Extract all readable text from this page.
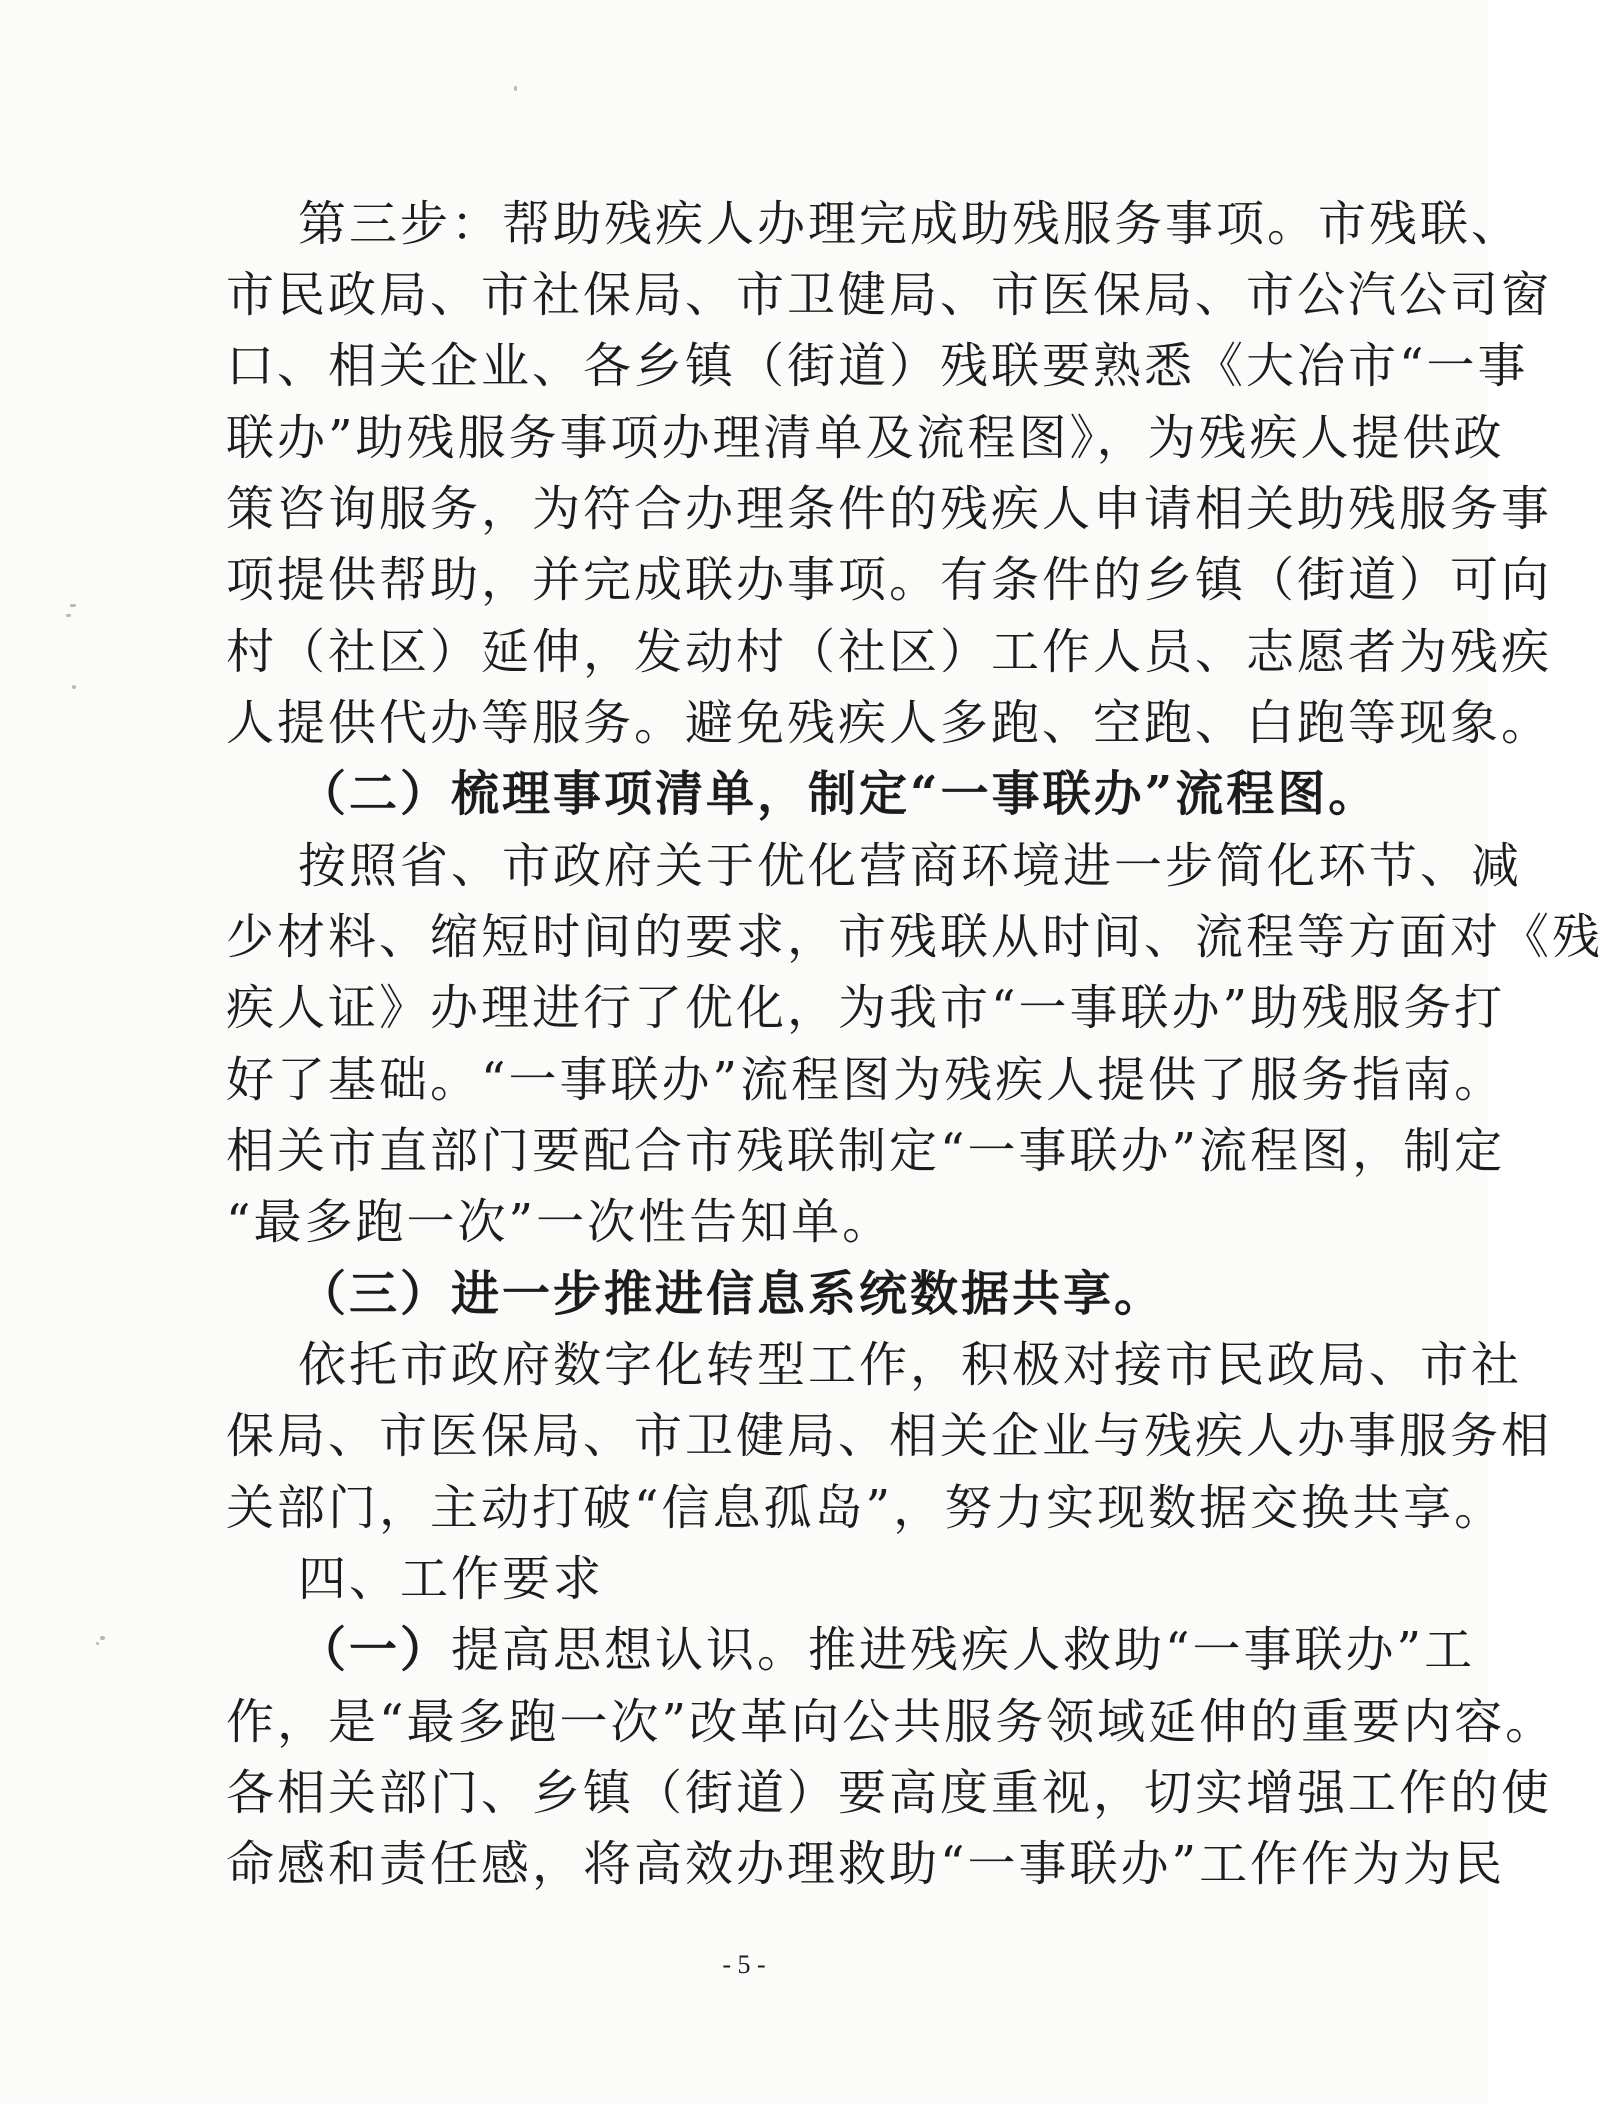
第三步：帮助残疾人办理完成助残服务事项。市残联、
市民政局、市社保局、市卫健局、市医保局、市公汽公司窗
口、相关企业、各乡镇（街道）残联要熟悉《大冶市“一事
联办”助残服务事项办理清单及流程图》，为残疾人提供政
策咨询服务，为符合办理条件的残疾人申请相关助残服务事
项提供帮助，并完成联办事项。有条件的乡镇（街道）可向
村（社区）延伸，发动村（社区）工作人员、志愿者为残疾
人提供代办等服务。避免残疾人多跑、空跑、白跑等现象。
（二）梳理事项清单，制定“一事联办”流程图。
按照省、市政府关于优化营商环境进一步简化环节、减
少材料、缩短时间的要求，市残联从时间、流程等方面对《残
疾人证》办理进行了优化，为我市“一事联办”助残服务打
好了基础。“一事联办”流程图为残疾人提供了服务指南。
相关市直部门要配合市残联制定“一事联办”流程图，制定
“最多跑一次”一次性告知单。
（三）进一步推进信息系统数据共享。
依托市政府数字化转型工作，积极对接市民政局、市社
保局、市医保局、市卫健局、相关企业与残疾人办事服务相
关部门，主动打破“信息孤岛”，努力实现数据交换共享。
四、工作要求
（一）提高思想认识。推进残疾人救助“一事联办”工
作，是“最多跑一次”改革向公共服务领域延伸的重要内容。
各相关部门、乡镇（街道）要高度重视，切实增强工作的使
命感和责任感，将高效办理救助“一事联办”工作作为为民
- 5 -
